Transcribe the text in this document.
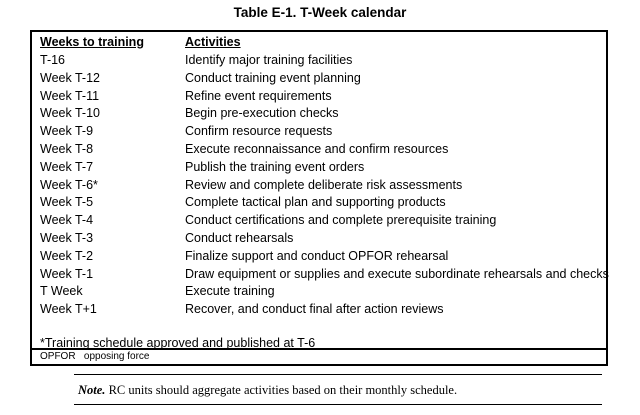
Table E-1. T-Week calendar
Weeks to training	Activities
T-16	Identify major training facilities
Week T-12	Conduct training event planning
Week T-11	Refine event requirements
Week T-10	Begin pre-execution checks
Week T-9	Confirm resource requests
Week T-8	Execute reconnaissance and confirm resources
Week T-7	Publish the training event orders
Week T-6*	Review and complete deliberate risk assessments
Week T-5	Complete tactical plan and supporting products
Week T-4	Conduct certifications and complete prerequisite training
Week T-3	Conduct rehearsals
Week T-2	Finalize support and conduct OPFOR rehearsal
Week T-1	Draw equipment or supplies and execute subordinate rehearsals and checks
T Week	Execute training
Week T+1	Recover, and conduct final after action reviews
*Training schedule approved and published at T-6
OPFOR   opposing force
Note. RC units should aggregate activities based on their monthly schedule.
